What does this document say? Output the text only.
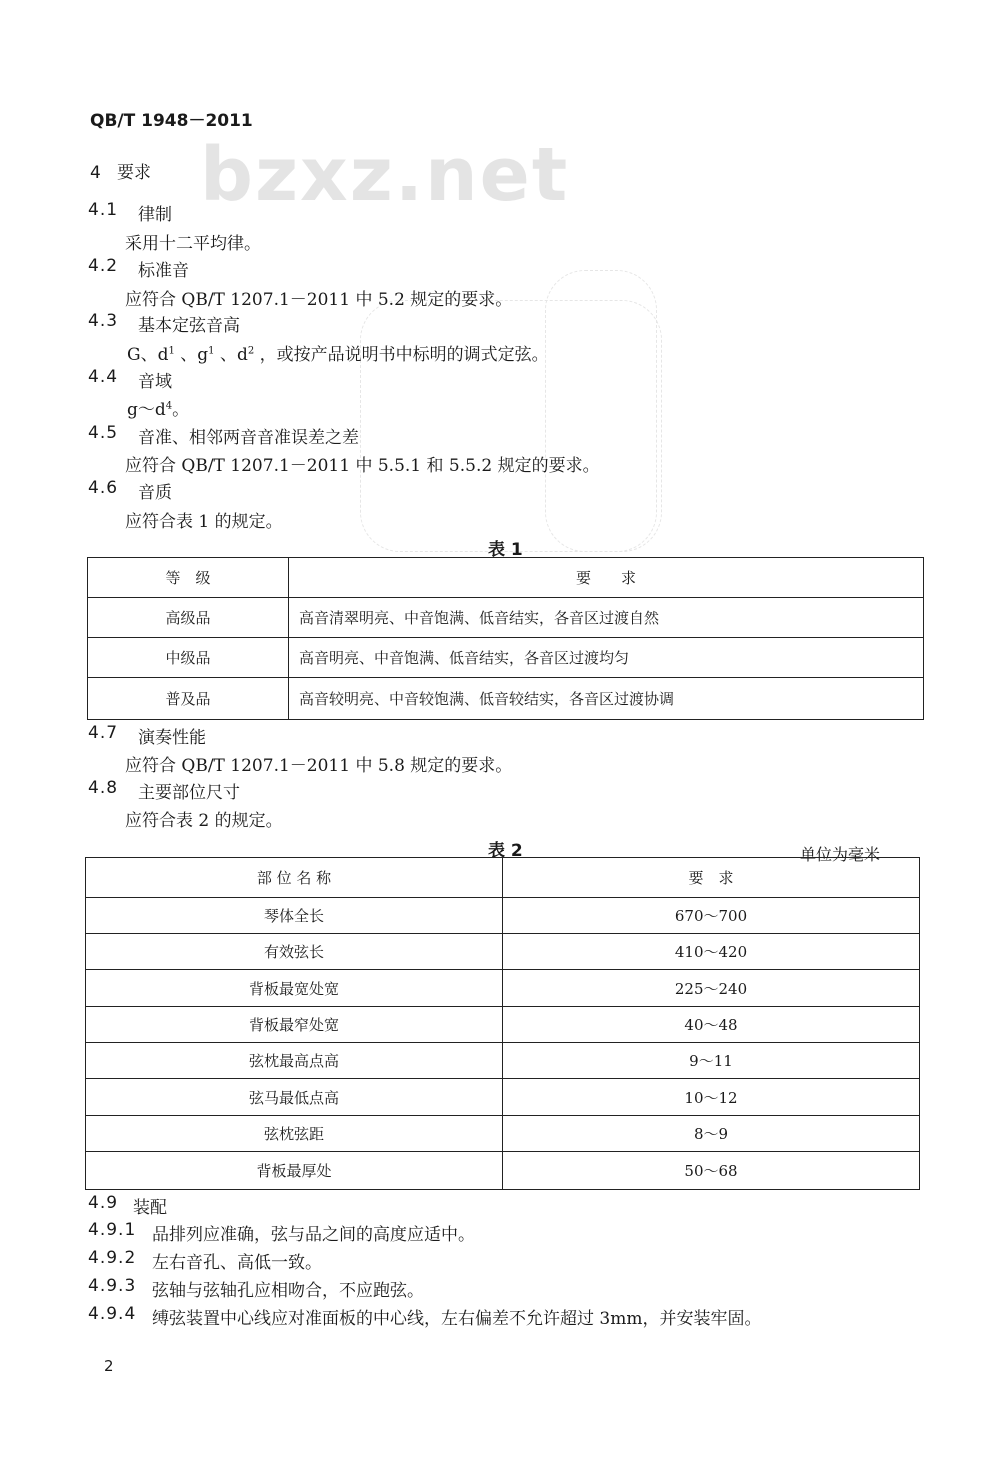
QB/T 1948－2011
bzxz.net
4 要求
4.1 律制
采用十二平均律。
4.2 标准音
应符合 QB/T 1207.1－2011 中 5.2 规定的要求。
4.3 基本定弦音高
G、$d^1$ 、$g^1$ 、$d^2$ ，或按产品说明书中标明的调式定弦。
4.4 音域
$g\sim d^4$。
4.5 音准、相邻两音音准误差之差
应符合 QB/T 1207.1－2011 中 5.5.1 和 5.5.2 规定的要求。
4.6 音质
应符合表 1 的规定。
表 1
等　级	要　　求
高级品	高音清翠明亮、中音饱满、低音结实，各音区过渡自然
中级品	高音明亮、中音饱满、低音结实，各音区过渡均匀
普及品	高音较明亮、中音较饱满、低音较结实，各音区过渡协调
4.7 演奏性能
应符合 QB/T 1207.1－2011 中 5.8 规定的要求。
4.8 主要部位尺寸
应符合表 2 的规定。
表 2	单位为毫米
部 位 名 称	要　求
琴体全长	670～700
有效弦长	410～420
背板最宽处宽	225～240
背板最窄处宽	40～48
弦枕最高点高	9～11
弦马最低点高	10～12
弦枕弦距	8～9
背板最厚处	50～68
4.9 装配
4.9.1 品排列应准确，弦与品之间的高度应适中。
4.9.2 左右音孔、高低一致。
4.9.3 弦轴与弦轴孔应相吻合，不应跑弦。
4.9.4 缚弦装置中心线应对准面板的中心线，左右偏差不允许超过 3mm，并安装牢固。
2
